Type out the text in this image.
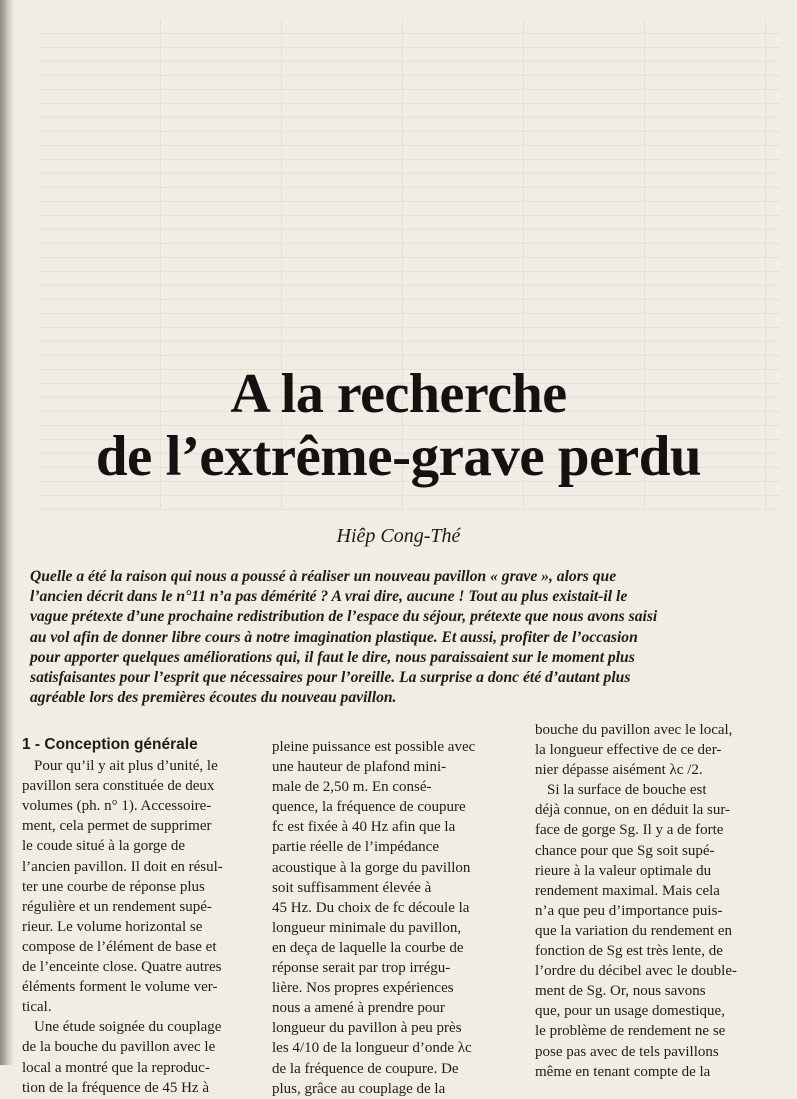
A la recherche
de l’extrême-grave perdu

Hiêp Cong-Thé

Quelle a été la raison qui nous a poussé à réaliser un nouveau pavillon « grave », alors que
l’ancien décrit dans le n°11 n’a pas démérité ? A vrai dire, aucune ! Tout au plus existait-il le
vague prétexte d’une prochaine redistribution de l’espace du séjour, prétexte que nous avons saisi
au vol afin de donner libre cours à notre imagination plastique. Et aussi, profiter de l’occasion
pour apporter quelques améliorations qui, il faut le dire, nous paraissaient sur le moment plus
satisfaisantes pour l’esprit que nécessaires pour l’oreille. La surprise a donc été d’autant plus
agréable lors des premières écoutes du nouveau pavillon.

1 - Conception générale
Pour qu’il y ait plus d’unité, le
pavillon sera constituée de deux
volumes (ph. n° 1). Accessoire-
ment, cela permet de supprimer
le coude situé à la gorge de
l’ancien pavillon. Il doit en résul-
ter une courbe de réponse plus
régulière et un rendement supé-
rieur. Le volume horizontal se
compose de l’élément de base et
de l’enceinte close. Quatre autres
éléments forment le volume ver-
tical.
Une étude soignée du couplage
de la bouche du pavillon avec le
local a montré que la reproduc-
tion de la fréquence de 45 Hz à
pleine puissance est possible avec
une hauteur de plafond mini-
male de 2,50 m. En consé-
quence, la fréquence de coupure
fc est fixée à 40 Hz afin que la
partie réelle de l’impédance
acoustique à la gorge du pavillon
soit suffisamment élevée à
45 Hz. Du choix de fc découle la
longueur minimale du pavillon,
en deça de laquelle la courbe de
réponse serait par trop irrégu-
lière. Nos propres expériences
nous a amené à prendre pour
longueur du pavillon à peu près
les 4/10 de la longueur d’onde λc
de la fréquence de coupure. De
plus, grâce au couplage de la
bouche du pavillon avec le local,
la longueur effective de ce der-
nier dépasse aisément λc /2.
Si la surface de bouche est
déjà connue, on en déduit la sur-
face de gorge Sg. Il y a de forte
chance pour que Sg soit supé-
rieure à la valeur optimale du
rendement maximal. Mais cela
n’a que peu d’importance puis-
que la variation du rendement en
fonction de Sg est très lente, de
l’ordre du décibel avec le double-
ment de Sg. Or, nous savons
que, pour un usage domestique,
le problème de rendement ne se
pose pas avec de tels pavillons
même en tenant compte de la
